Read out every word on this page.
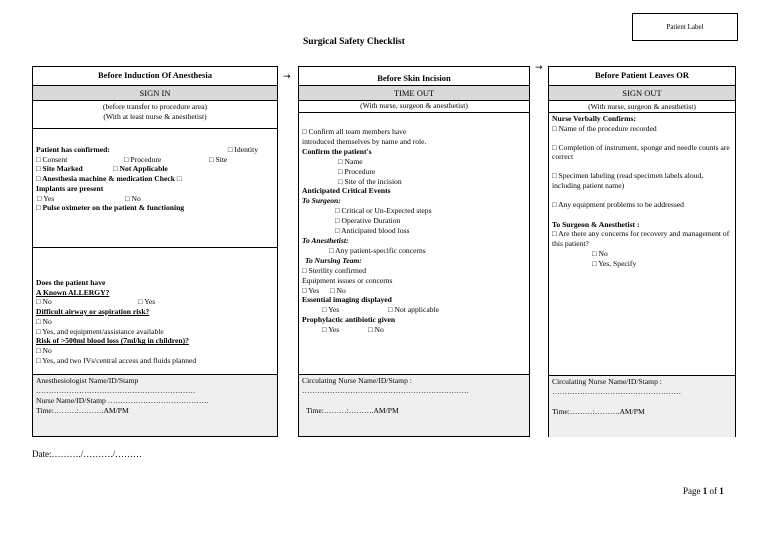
Patient Label
Surgical Safety Checklist
→
→
Before Induction Of Anesthesia
SIGN IN
(before transfer to procedure area)
(With at least nurse & anesthetist)
Patient has confirmed:	□ Identity
□ Consent	□ Procedure	□ Site
□ Site Marked	□ Not Applicable
□ Anesthesia machine & medication Check □
Implants are present
□ Yes	□ No
□ Pulse oximeter on the patient & functioning
Does the patient have
A Known ALLERGY?
□ No	□ Yes
Difficult airway or aspiration risk?
□ No
□ Yes, and equipment/assistance available
Risk of >500ml blood loss (7ml/kg in children)?
□ No
□ Yes, and two IVs/central access and fluids planned
Anesthesiologist Name/ID/Stamp
………………………………………………………
Nurse Name/ID/Stamp ………………………………….
Time:………:……….AM/PM
Before Skin Incision
TIME OUT
(With nurse, surgeon & anesthetist)
□ Confirm all team members have
introduced themselves by name and role.
Confirm the patient's
□ Name
□ Procedure
□ Site of the incision
Anticipated Critical Events
To Surgeon:
□ Critical or Un-Expected steps
□ Operative Duration
□ Anticipated blood loss
To Anesthetist:
□ Any patient-specific concerns
To Nursing Team:
□ Sterility confirmed
Equipment issues or concerns
□ Yes	□ No
Essential imaging displayed
□ Yes	□ Not applicable
Prophylactic antibiotic given
□ Yes	□ No
Circulating Nurse Name/ID/Stamp :
…………………………………………………………
Time:………:……….AM/PM
Before Patient Leaves OR
SIGN OUT
(With nurse, surgeon & anesthetist)
Nurse Verbally Confirms:
□ Name of the procedure recorded
□ Completion of instrument, sponge and needle counts are correct
□ Specimen labeling (read specimen labels aloud, including patient name)
□ Any equipment problems to be addressed
To Surgeon & Anesthetist :
□ Are there any concerns for recovery and management of this patient?
□ No
□ Yes, Specify
Circulating Nurse Name/ID/Stamp :
……………………………………………
Time:………:……….AM/PM
Date:………./………./………
Page 1 of 1
